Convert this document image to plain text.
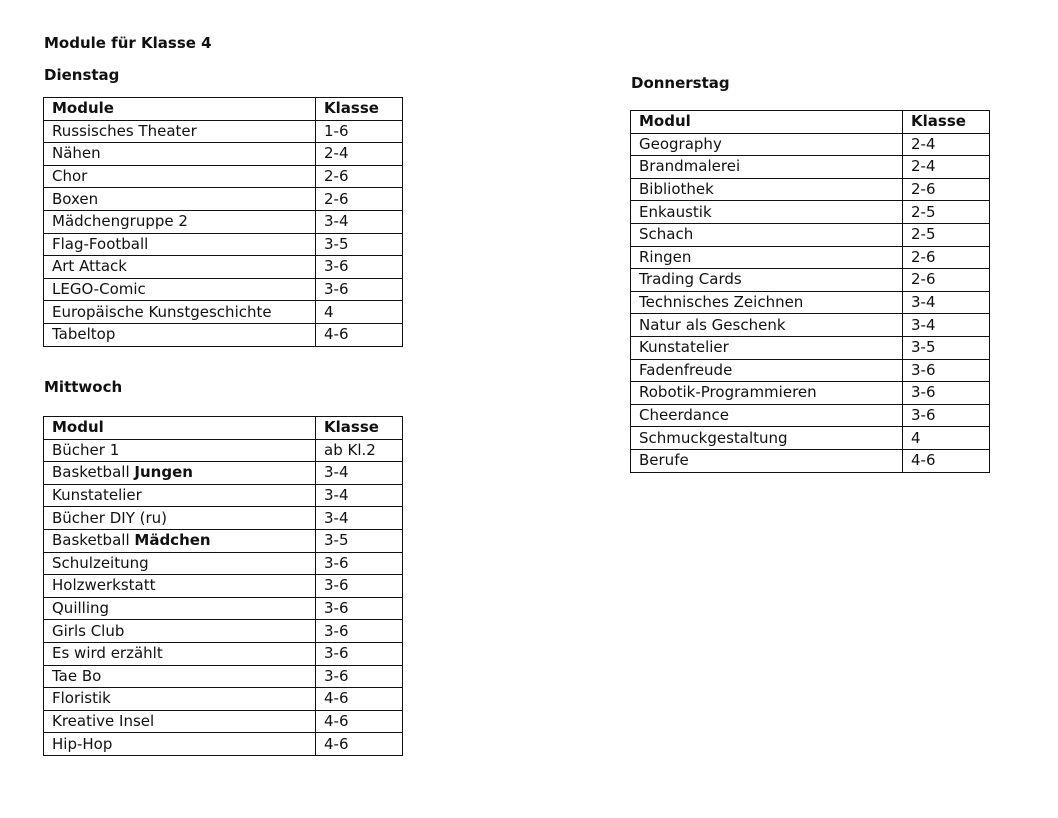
Module für Klasse 4
Dienstag
Module	Klasse
Russisches Theater	1-6
Nähen	2-4
Chor	2-6
Boxen	2-6
Mädchengruppe 2	3-4
Flag-Football	3-5
Art Attack	3-6
LEGO-Comic	3-6
Europäische Kunstgeschichte	4
Tabeltop	4-6
Mittwoch
Modul	Klasse
Bücher 1	ab Kl.2
Basketball Jungen	3-4
Kunstatelier	3-4
Bücher DIY (ru)	3-4
Basketball Mädchen	3-5
Schulzeitung	3-6
Holzwerkstatt	3-6
Quilling	3-6
Girls Club	3-6
Es wird erzählt	3-6
Tae Bo	3-6
Floristik	4-6
Kreative Insel	4-6
Hip-Hop	4-6
Donnerstag
Modul	Klasse
Geography	2-4
Brandmalerei	2-4
Bibliothek	2-6
Enkaustik	2-5
Schach	2-5
Ringen	2-6
Trading Cards	2-6
Technisches Zeichnen	3-4
Natur als Geschenk	3-4
Kunstatelier	3-5
Fadenfreude	3-6
Robotik-Programmieren	3-6
Cheerdance	3-6
Schmuckgestaltung	4
Berufe	4-6
